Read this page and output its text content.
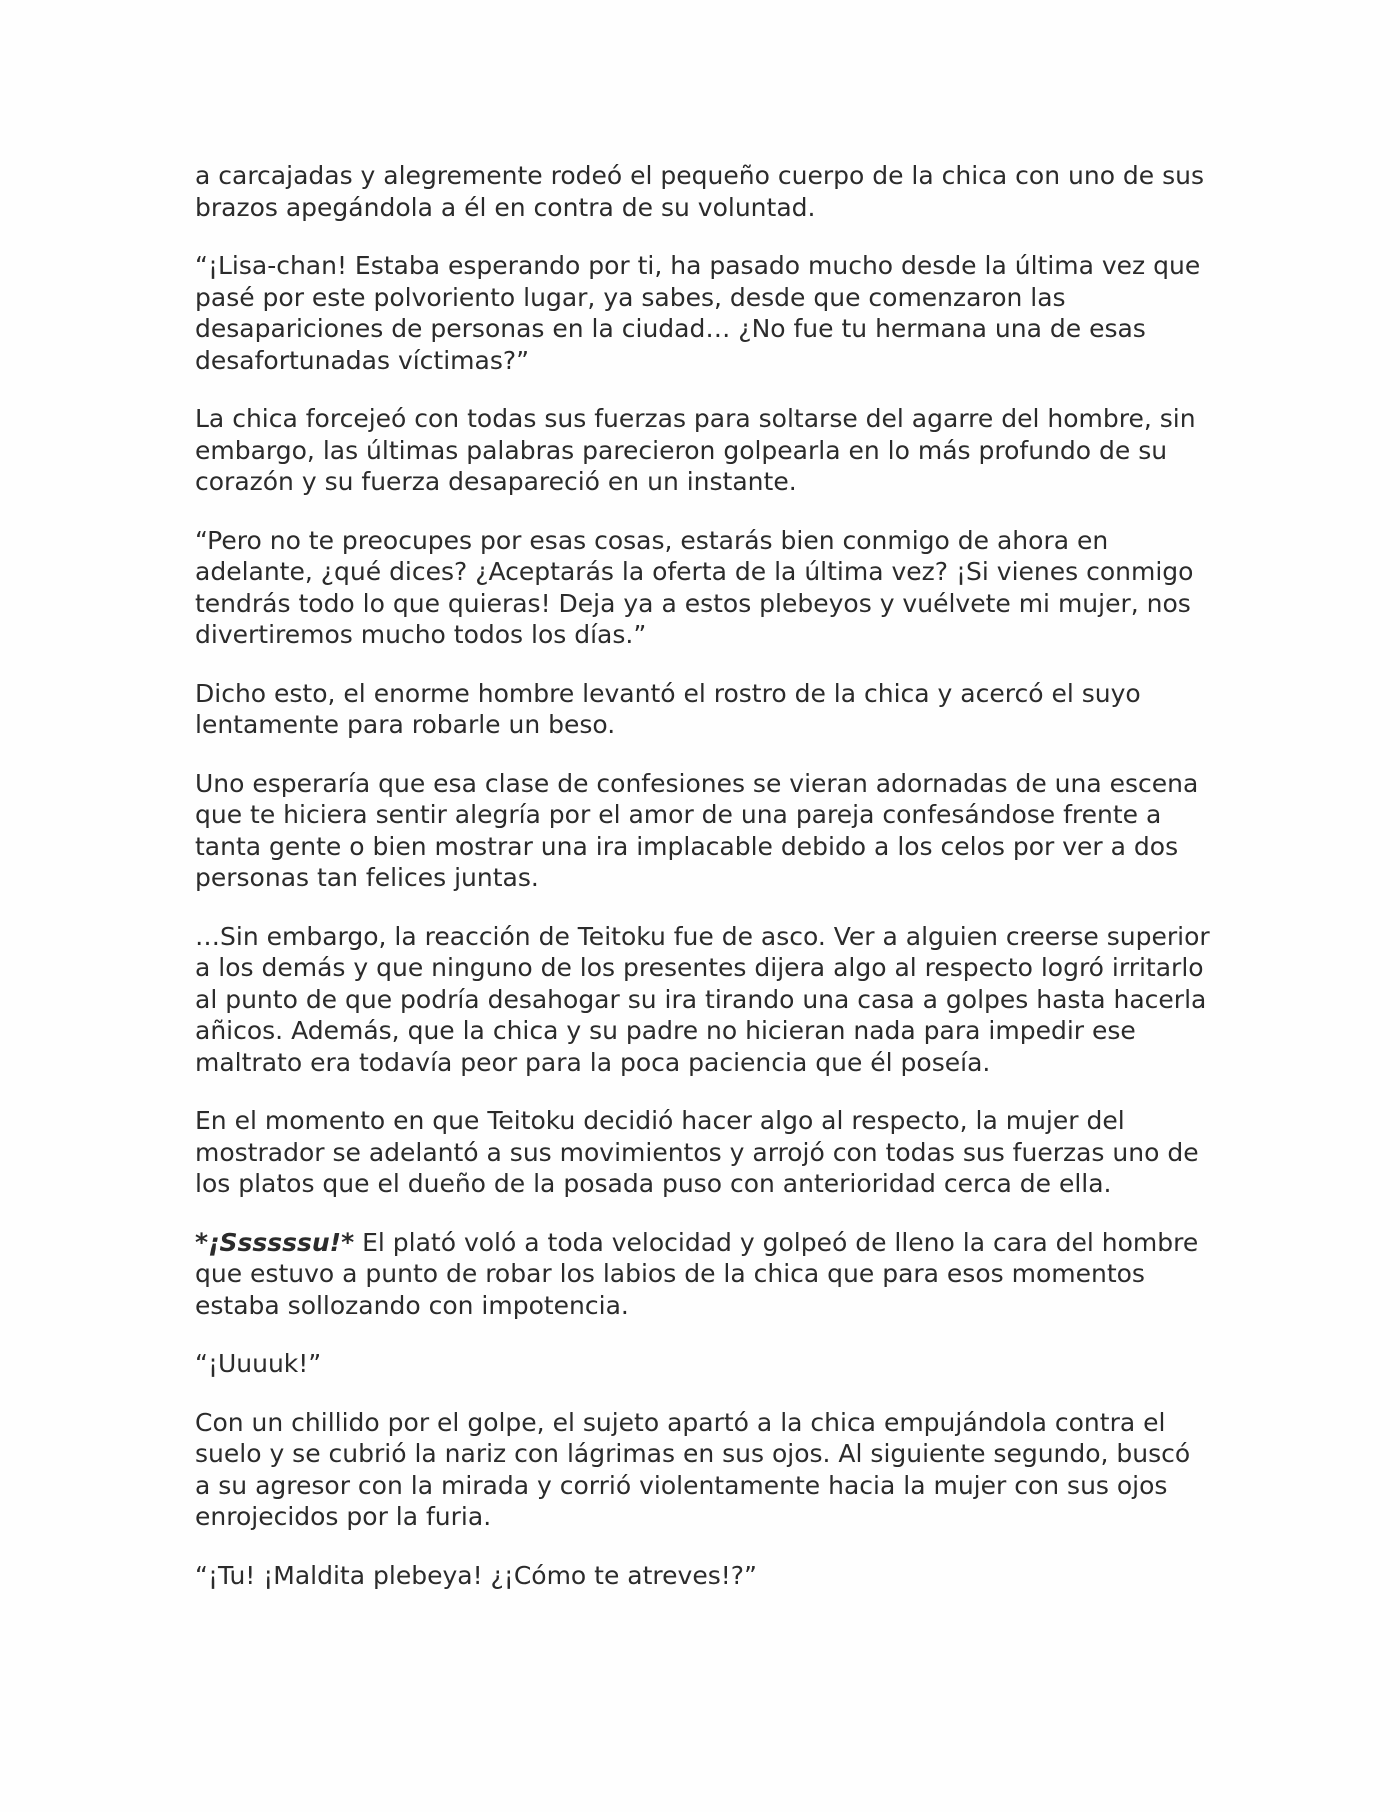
a carcajadas y alegremente rodeó el pequeño cuerpo de la chica con uno de sus brazos apegándola a él en contra de su voluntad.

“¡Lisa-chan! Estaba esperando por ti, ha pasado mucho desde la última vez que pasé por este polvoriento lugar, ya sabes, desde que comenzaron las desapariciones de personas en la ciudad… ¿No fue tu hermana una de esas desafortunadas víctimas?”

La chica forcejeó con todas sus fuerzas para soltarse del agarre del hombre, sin embargo, las últimas palabras parecieron golpearla en lo más profundo de su corazón y su fuerza desapareció en un instante.

“Pero no te preocupes por esas cosas, estarás bien conmigo de ahora en adelante, ¿qué dices? ¿Aceptarás la oferta de la última vez? ¡Si vienes conmigo tendrás todo lo que quieras! Deja ya a estos plebeyos y vuélvete mi mujer, nos divertiremos mucho todos los días.”

Dicho esto, el enorme hombre levantó el rostro de la chica y acercó el suyo lentamente para robarle un beso.

Uno esperaría que esa clase de confesiones se vieran adornadas de una escena que te hiciera sentir alegría por el amor de una pareja confesándose frente a tanta gente o bien mostrar una ira implacable debido a los celos por ver a dos personas tan felices juntas.

…Sin embargo, la reacción de Teitoku fue de asco. Ver a alguien creerse superior a los demás y que ninguno de los presentes dijera algo al respecto logró irritarlo al punto de que podría desahogar su ira tirando una casa a golpes hasta hacerla añicos. Además, que la chica y su padre no hicieran nada para impedir ese maltrato era todavía peor para la poca paciencia que él poseía.

En el momento en que Teitoku decidió hacer algo al respecto, la mujer del mostrador se adelantó a sus movimientos y arrojó con todas sus fuerzas uno de los platos que el dueño de la posada puso con anterioridad cerca de ella.

*¡Ssssssu!* El plató voló a toda velocidad y golpeó de lleno la cara del hombre que estuvo a punto de robar los labios de la chica que para esos momentos estaba sollozando con impotencia.

“¡Uuuuk!”

Con un chillido por el golpe, el sujeto apartó a la chica empujándola contra el suelo y se cubrió la nariz con lágrimas en sus ojos. Al siguiente segundo, buscó a su agresor con la mirada y corrió violentamente hacia la mujer con sus ojos enrojecidos por la furia.

“¡Tu! ¡Maldita plebeya! ¿¡Cómo te atreves!?”
